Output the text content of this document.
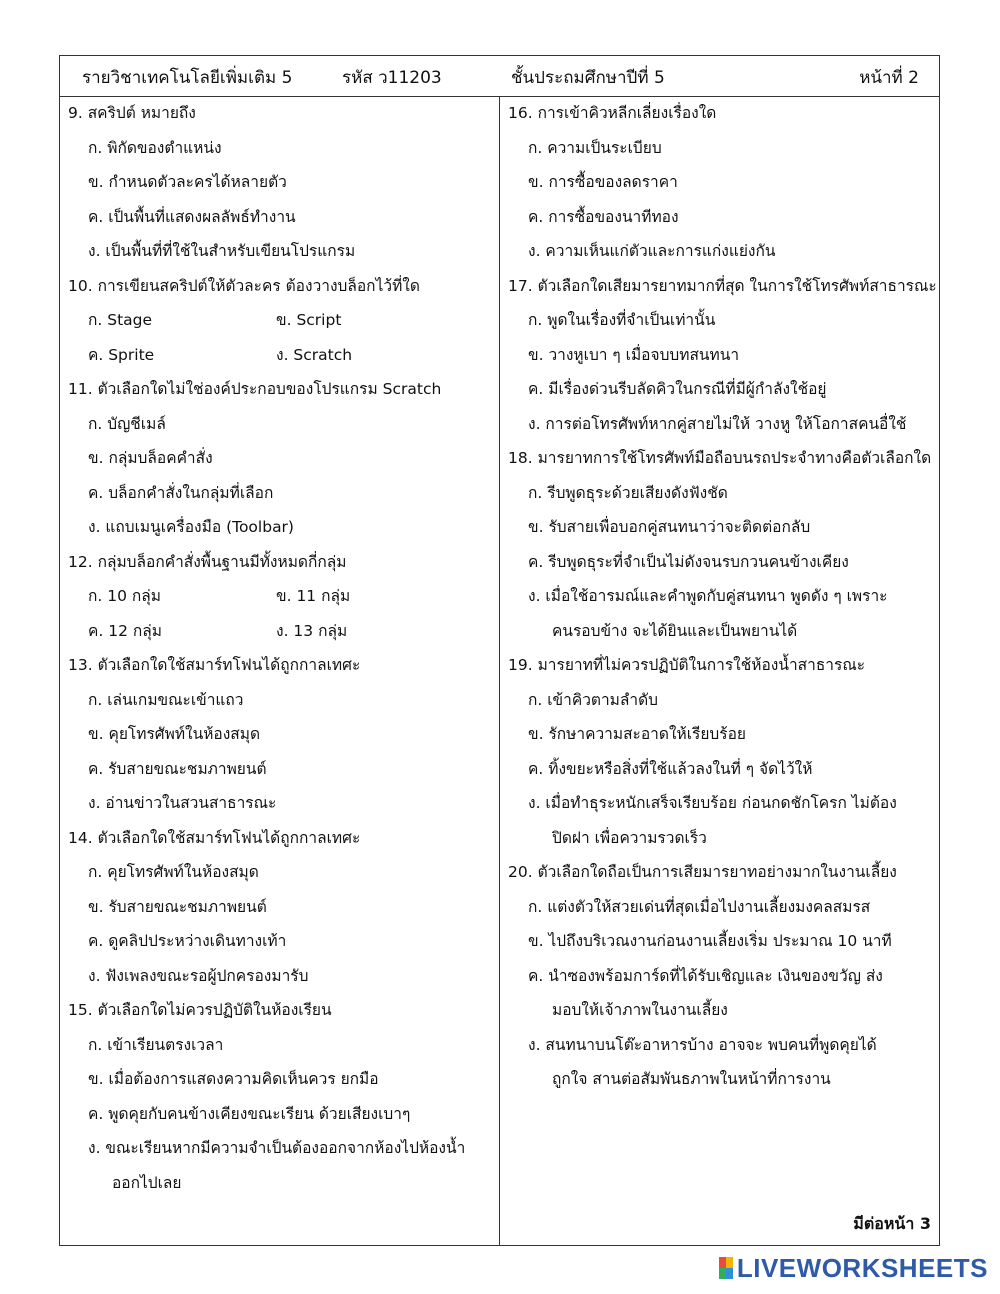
รายวิชาเทคโนโลยีเพิ่มเติม 5	รหัส ว11203	ชั้นประถมศึกษาปีที่ 5	หน้าที่ 2
9. สคริปต์ หมายถึง
ก. พิกัดของตำแหน่ง
ข. กำหนดตัวละครได้หลายตัว
ค. เป็นพื้นที่แสดงผลลัพธ์ทำงาน
ง. เป็นพื้นที่ที่ใช้ในสำหรับเขียนโปรแกรม
10. การเขียนสคริปต์ให้ตัวละคร ต้องวางบล็อกไว้ที่ใด
ก. Stage	ข. Script
ค. Sprite	ง. Scratch
11. ตัวเลือกใดไม่ใช่องค์ประกอบของโปรแกรม Scratch
ก. บัญชีเมล์
ข. กลุ่มบล็อคคำสั่ง
ค. บล็อกคำสั่งในกลุ่มที่เลือก
ง. แถบเมนูเครื่องมือ (Toolbar)
12. กลุ่มบล็อกคำสั่งพื้นฐานมีทั้งหมดกี่กลุ่ม
ก. 10 กลุ่ม	ข. 11 กลุ่ม
ค. 12 กลุ่ม	ง. 13 กลุ่ม
13. ตัวเลือกใดใช้สมาร์ทโฟนได้ถูกกาลเทศะ
ก. เล่นเกมขณะเข้าแถว
ข. คุยโทรศัพท์ในห้องสมุด
ค. รับสายขณะชมภาพยนต์
ง. อ่านข่าวในสวนสาธารณะ
14. ตัวเลือกใดใช้สมาร์ทโฟนได้ถูกกาลเทศะ
ก. คุยโทรศัพท์ในห้องสมุด
ข. รับสายขณะชมภาพยนต์
ค. ดูคลิปประหว่างเดินทางเท้า
ง. ฟังเพลงขณะรอผู้ปกครองมารับ
15. ตัวเลือกใดไม่ควรปฏิบัติในห้องเรียน
ก. เข้าเรียนตรงเวลา
ข. เมื่อต้องการแสดงความคิดเห็นควร ยกมือ
ค. พูดคุยกับคนข้างเคียงขณะเรียน ด้วยเสียงเบาๆ
ง. ขณะเรียนหากมีความจำเป็นต้องออกจากห้องไปห้องน้ำ
ออกไปเลย
16. การเข้าคิวหลีกเลี่ยงเรื่องใด
ก. ความเป็นระเบียบ
ข. การซื้อของลดราคา
ค. การซื้อของนาทีทอง
ง. ความเห็นแก่ตัวและการแก่งแย่งกัน
17. ตัวเลือกใดเสียมารยาทมากที่สุด ในการใช้โทรศัพท์สาธารณะ
ก. พูดในเรื่องที่จำเป็นเท่านั้น
ข. วางหูเบา ๆ เมื่อจบบทสนทนา
ค. มีเรื่องด่วนรีบลัดคิวในกรณีที่มีผู้กำลังใช้อยู่
ง. การต่อโทรศัพท์หากคู่สายไม่ให้ วางหู ให้โอกาสคนอื่ใช้
18. มารยาทการใช้โทรศัพท์มือถือบนรถประจำทางคือตัวเลือกใด
ก. รีบพูดธุระด้วยเสียงดังฟังชัด
ข. รับสายเพื่อบอกคู่สนทนาว่าจะติดต่อกลับ
ค. รีบพูดธุระที่จำเป็นไม่ดังจนรบกวนคนข้างเคียง
ง. เมื่อใช้อารมณ์และคำพูดกับคู่สนทนา พูดดัง ๆ เพราะ
คนรอบข้าง จะได้ยินและเป็นพยานได้
19. มารยาทที่ไม่ควรปฏิบัติในการใช้ห้องน้ำสาธารณะ
ก. เข้าคิวตามลำดับ
ข. รักษาความสะอาดให้เรียบร้อย
ค. ทิ้งขยะหรือสิ่งที่ใช้แล้วลงในที่ ๆ จัดไว้ให้
ง. เมื่อทำธุระหนักเสร็จเรียบร้อย ก่อนกดชักโครก ไม่ต้อง
ปิดฝา เพื่อความรวดเร็ว
20. ตัวเลือกใดถือเป็นการเสียมารยาทอย่างมากในงานเลี้ยง
ก. แต่งตัวให้สวยเด่นที่สุดเมื่อไปงานเลี้ยงมงคลสมรส
ข. ไปถึงบริเวณงานก่อนงานเลี้ยงเริ่ม ประมาณ 10 นาที
ค. นำซองพร้อมการ์ดที่ได้รับเชิญและ เงินของขวัญ ส่ง
มอบให้เจ้าภาพในงานเลี้ยง
ง. สนทนาบนโต๊ะอาหารบ้าง อาจจะ พบคนที่พูดคุยได้
ถูกใจ สานต่อสัมพันธภาพในหน้าที่การงาน
มีต่อหน้า 3
LIVEWORKSHEETS
